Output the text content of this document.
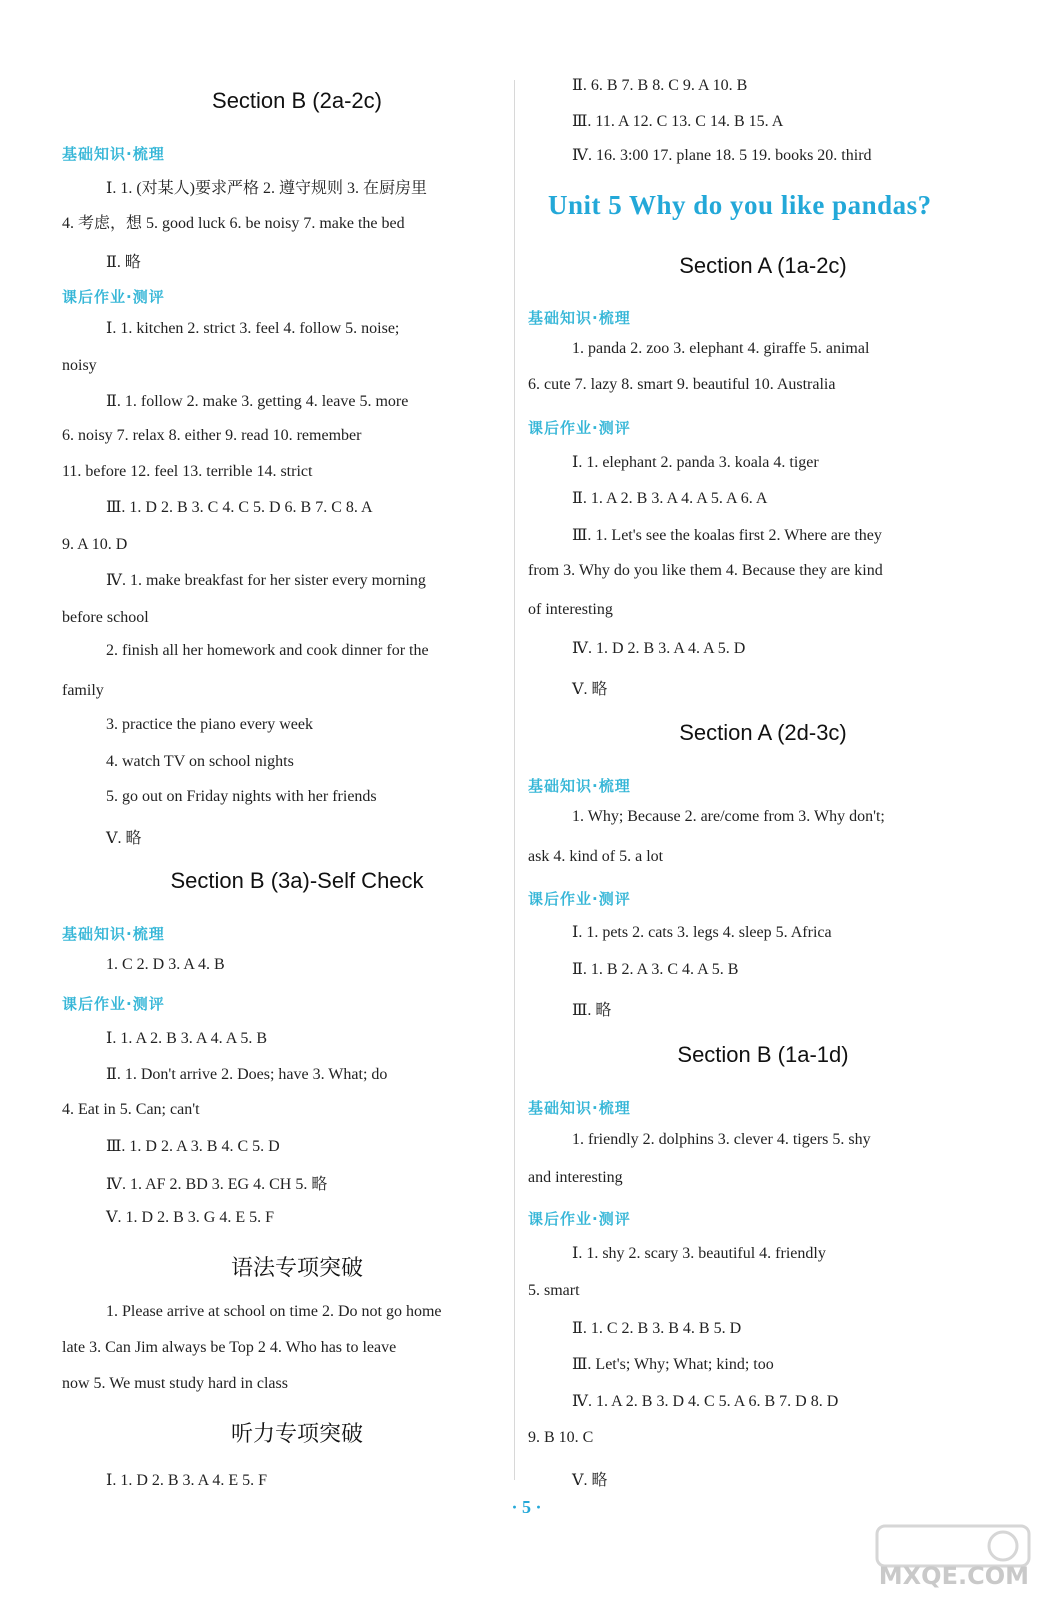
Section B (2a-2c)
基础知识·梳理
Ⅰ. 1. (对某人)要求严格 2. 遵守规则 3. 在厨房里
4. 考虑，想 5. good luck 6. be noisy 7. make the bed
Ⅱ. 略
课后作业·测评
Ⅰ. 1. kitchen 2. strict 3. feel 4. follow 5. noise;
noisy
Ⅱ. 1. follow 2. make 3. getting 4. leave 5. more
6. noisy 7. relax 8. either 9. read 10. remember
11. before 12. feel 13. terrible 14. strict
Ⅲ. 1. D 2. B 3. C 4. C 5. D 6. B 7. C 8. A
9. A 10. D
Ⅳ. 1. make breakfast for her sister every morning
before school
2. finish all her homework and cook dinner for the
family
3. practice the piano every week
4. watch TV on school nights
5. go out on Friday nights with her friends
Ⅴ. 略
Section B (3a)-Self Check
基础知识·梳理
1. C 2. D 3. A 4. B
课后作业·测评
Ⅰ. 1. A 2. B 3. A 4. A 5. B
Ⅱ. 1. Don't arrive 2. Does; have 3. What; do
4. Eat in 5. Can; can't
Ⅲ. 1. D 2. A 3. B 4. C 5. D
Ⅳ. 1. AF 2. BD 3. EG 4. CH 5. 略
Ⅴ. 1. D 2. B 3. G 4. E 5. F
语法专项突破
1. Please arrive at school on time 2. Do not go home
late 3. Can Jim always be Top 2 4. Who has to leave
now 5. We must study hard in class
听力专项突破
Ⅰ. 1. D 2. B 3. A 4. E 5. F
Ⅱ. 6. B 7. B 8. C 9. A 10. B
Ⅲ. 11. A 12. C 13. C 14. B 15. A
Ⅳ. 16. 3:00 17. plane 18. 5 19. books 20. third
Unit 5 Why do you like pandas?
Section A (1a-2c)
基础知识·梳理
1. panda 2. zoo 3. elephant 4. giraffe 5. animal
6. cute 7. lazy 8. smart 9. beautiful 10. Australia
课后作业·测评
Ⅰ. 1. elephant 2. panda 3. koala 4. tiger
Ⅱ. 1. A 2. B 3. A 4. A 5. A 6. A
Ⅲ. 1. Let's see the koalas first 2. Where are they
from 3. Why do you like them 4. Because they are kind
of interesting
Ⅳ. 1. D 2. B 3. A 4. A 5. D
Ⅴ. 略
Section A (2d-3c)
基础知识·梳理
1. Why; Because 2. are/come from 3. Why don't;
ask 4. kind of 5. a lot
课后作业·测评
Ⅰ. 1. pets 2. cats 3. legs 4. sleep 5. Africa
Ⅱ. 1. B 2. A 3. C 4. A 5. B
Ⅲ. 略
Section B (1a-1d)
基础知识·梳理
1. friendly 2. dolphins 3. clever 4. tigers 5. shy
and interesting
课后作业·测评
Ⅰ. 1. shy 2. scary 3. beautiful 4. friendly
5. smart
Ⅱ. 1. C 2. B 3. B 4. B 5. D
Ⅲ. Let's; Why; What; kind; too
Ⅳ. 1. A 2. B 3. D 4. C 5. A 6. B 7. D 8. D
9. B 10. C
Ⅴ. 略
· 5 ·
MXQE.COM
